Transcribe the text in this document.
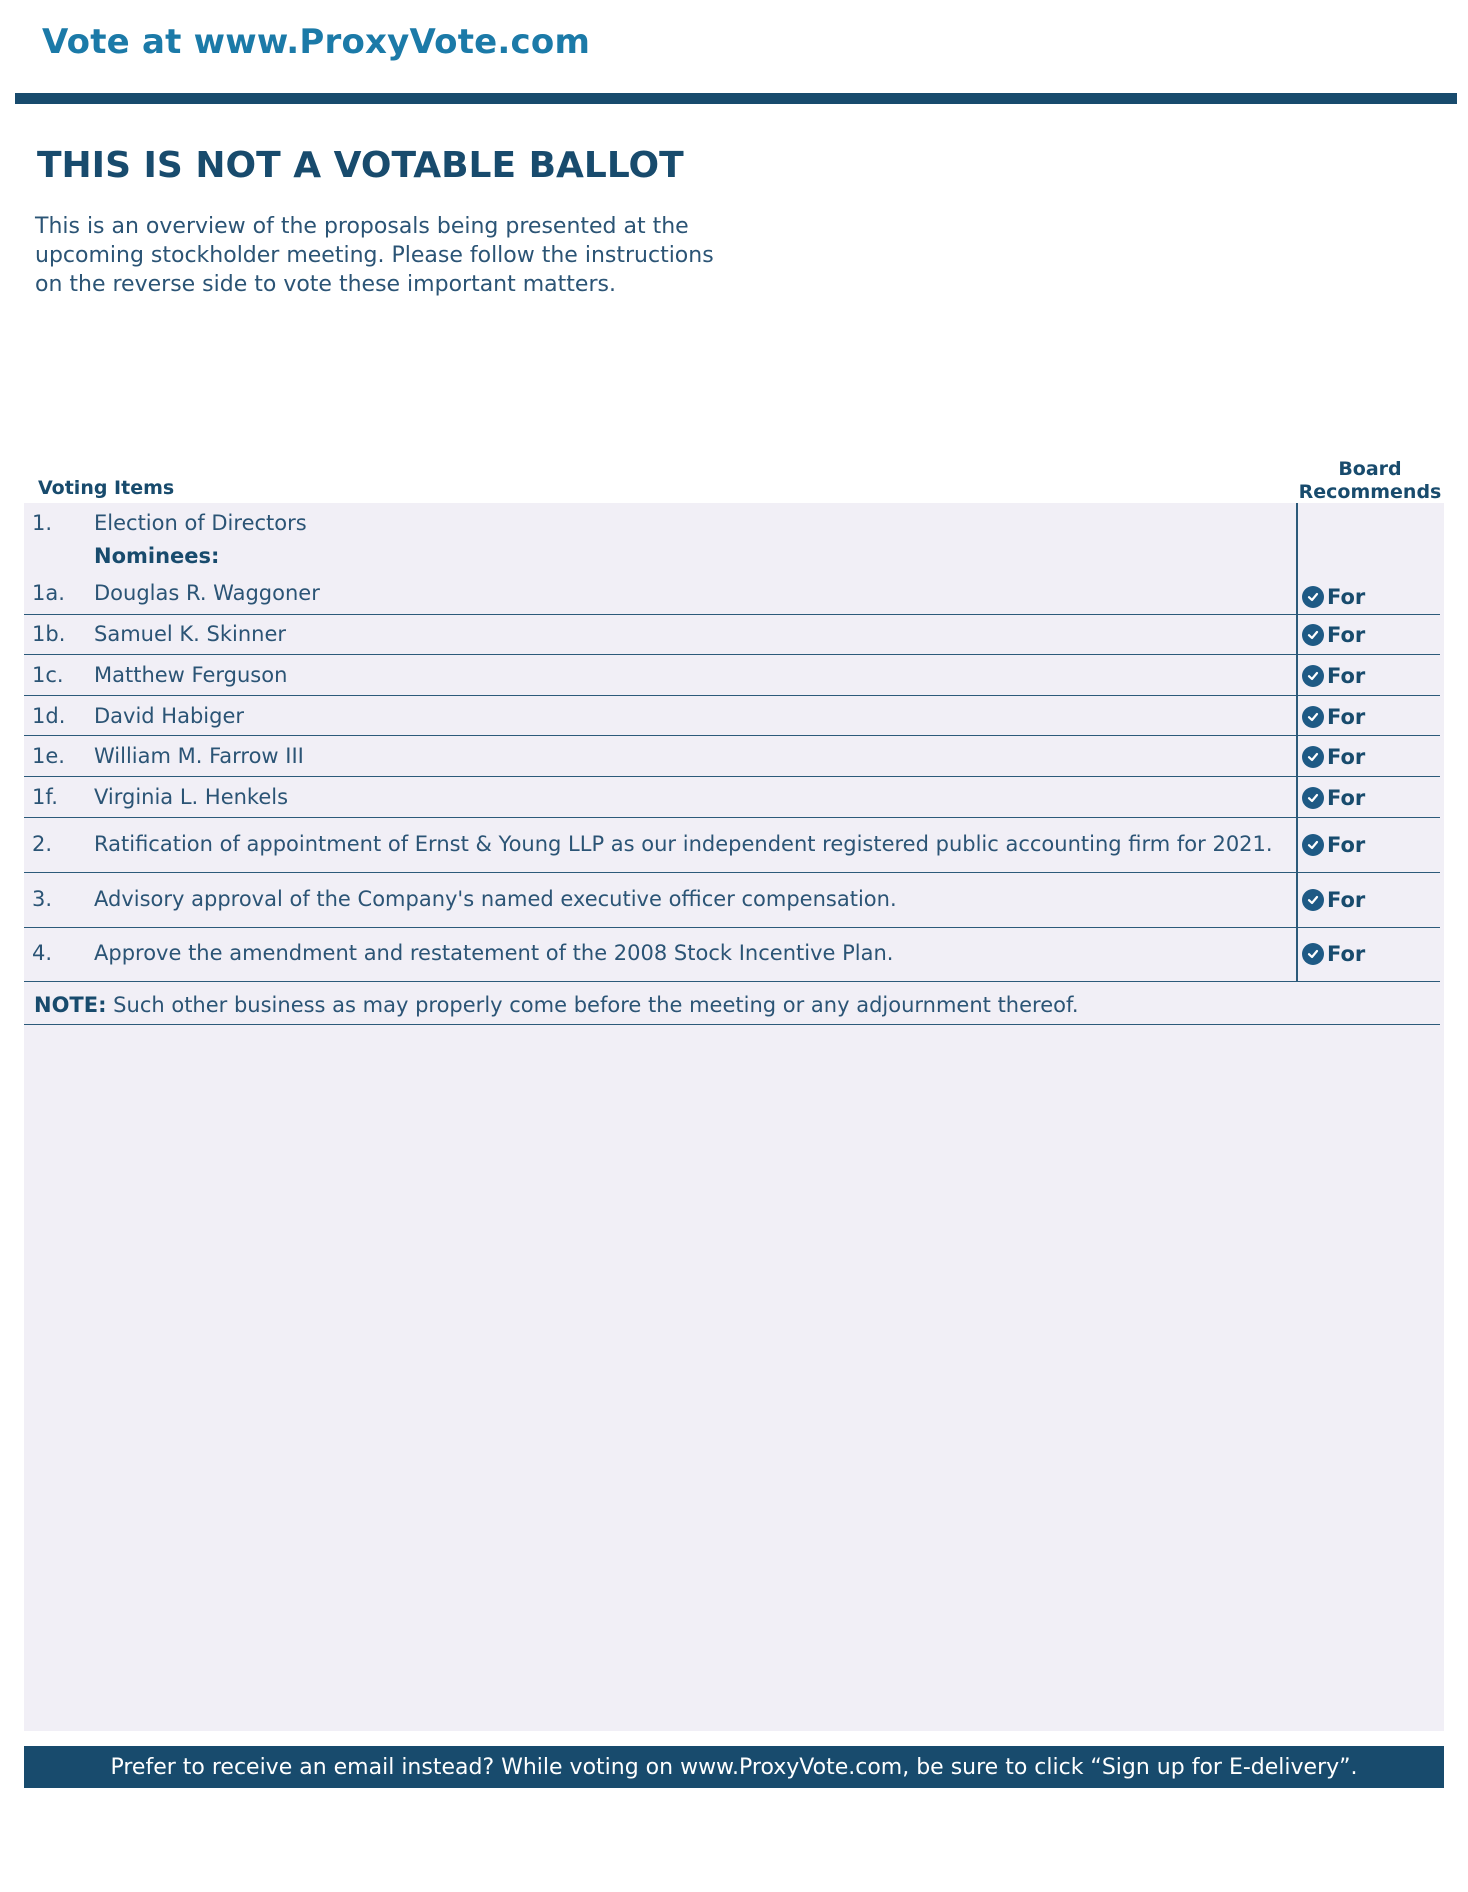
Vote at www.ProxyVote.com
THIS IS NOT A VOTABLE BALLOT
This is an overview of the proposals being presented at the upcoming stockholder meeting. Please follow the instructions on the reverse side to vote these important matters.
Voting Items
Board
Recommends
1. Election of Directors
Nominees:
1a. Douglas R. Waggoner	For
1b. Samuel K. Skinner	For
1c. Matthew Ferguson	For
1d. David Habiger	For
1e. William M. Farrow III	For
1f. Virginia L. Henkels	For
2. Ratification of appointment of Ernst & Young LLP as our independent registered public accounting firm for 2021.	For
3. Advisory approval of the Company's named executive officer compensation.	For
4. Approve the amendment and restatement of the 2008 Stock Incentive Plan.	For
NOTE: Such other business as may properly come before the meeting or any adjournment thereof.
Prefer to receive an email instead? While voting on www.ProxyVote.com, be sure to click “Sign up for E-delivery”.
